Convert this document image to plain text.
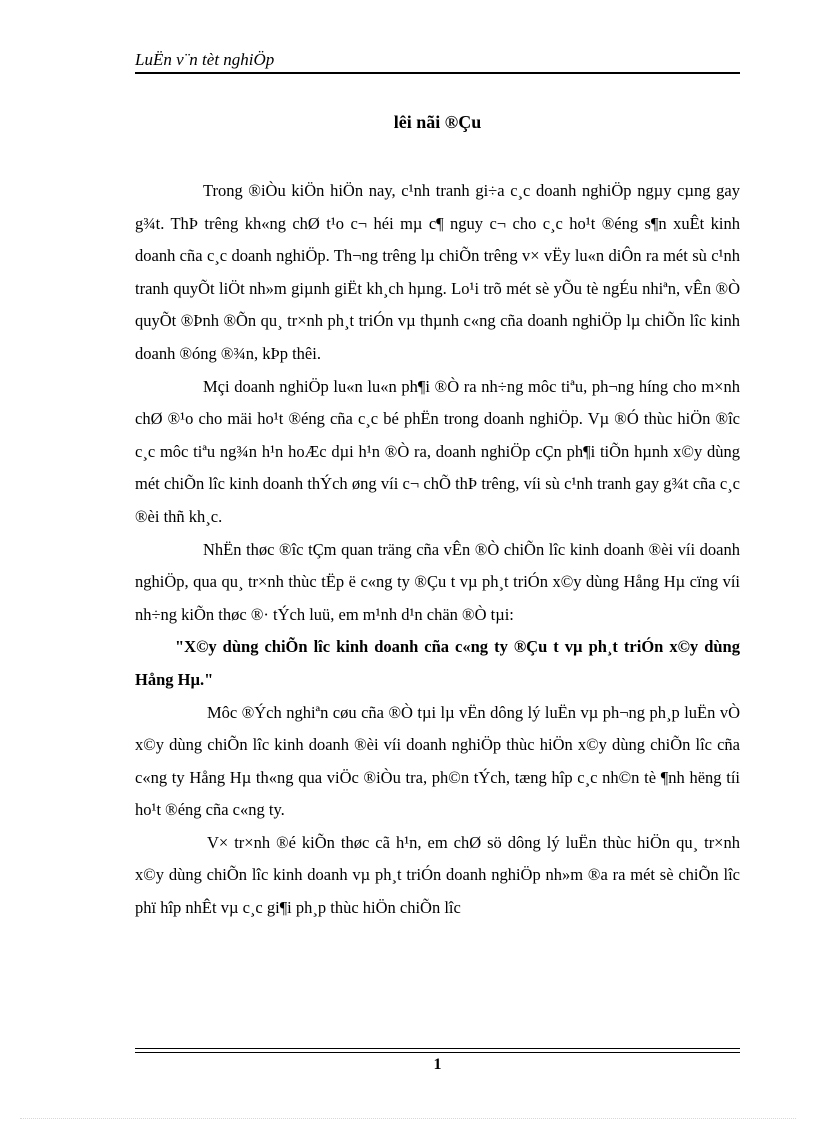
LuËn v¨n tèt nghiÖp
lêi nãi ®Çu

Trong ®iÒu kiÖn hiÖn nay, c¹nh tranh gi÷a c¸c doanh nghiÖp ngµy cµng gay g¾t. ThÞ trêng kh«ng chØ t¹o c¬ héi mµ c¶ nguy c¬ cho c¸c ho¹t ®éng s¶n xuÊt kinh doanh cña c¸c doanh nghiÖp. Th¬ng trêng lµ chiÕn trêng v× vËy lu«n diÔn ra mét sù c¹nh tranh quyÕt liÖt nh»m giµnh giËt kh¸ch hµng. Lo¹i trõ mét sè yÕu tè ngÉu nhiªn, vÊn ®Ò quyÕt ®Þnh ®Õn qu¸ tr×nh ph¸t triÓn vµ thµnh c«ng cña doanh nghiÖp lµ chiÕn lîc kinh doanh ®óng ®¾n, kÞp thêi.

Mçi doanh nghiÖp lu«n lu«n ph¶i ®Ò ra nh÷ng môc tiªu, ph¬ng híng cho m×nh chØ ®¹o cho mäi ho¹t ®éng cña c¸c bé phËn trong doanh nghiÖp. Vµ ®Ó thùc hiÖn ®îc c¸c môc tiªu ng¾n h¹n hoÆc dµi h¹n ®Ò ra, doanh nghiÖp cÇn ph¶i tiÕn hµnh x©y dùng mét chiÕn lîc kinh doanh thÝch øng víi c¬ chÕ thÞ trêng, víi sù c¹nh tranh gay g¾t cña c¸c ®èi thñ kh¸c.

NhËn thøc ®îc tÇm quan träng cña vÊn ®Ò chiÕn lîc kinh doanh ®èi víi doanh nghiÖp, qua qu¸ tr×nh thùc tËp ë c«ng ty ®Çu t vµ ph¸t triÓn x©y dùng Hång Hµ cïng víi nh÷ng kiÕn thøc ®· tÝch luü, em m¹nh d¹n chän ®Ò tµi:

"X©y dùng chiÕn lîc kinh doanh cña c«ng ty ®Çu t vµ ph¸t triÓn x©y dùng Hång Hµ."

Môc ®Ých nghiªn cøu cña ®Ò tµi lµ vËn dông lý luËn vµ ph¬ng ph¸p luËn vÒ x©y dùng chiÕn lîc kinh doanh ®èi víi doanh nghiÖp thùc hiÖn x©y dùng chiÕn lîc cña c«ng ty Hång Hµ th«ng qua viÖc ®iÒu tra, ph©n tÝch, tæng hîp c¸c nh©n tè ¶nh hëng tíi ho¹t ®éng cña c«ng ty.

V× tr×nh ®é kiÕn thøc cã h¹n, em chØ sö dông lý luËn thùc hiÖn qu¸ tr×nh x©y dùng chiÕn lîc kinh doanh vµ ph¸t triÓn doanh nghiÖp nh»m ®a ra mét sè chiÕn lîc phï hîp nhÊt vµ c¸c gi¶i ph¸p thùc hiÖn chiÕn lîc

1
